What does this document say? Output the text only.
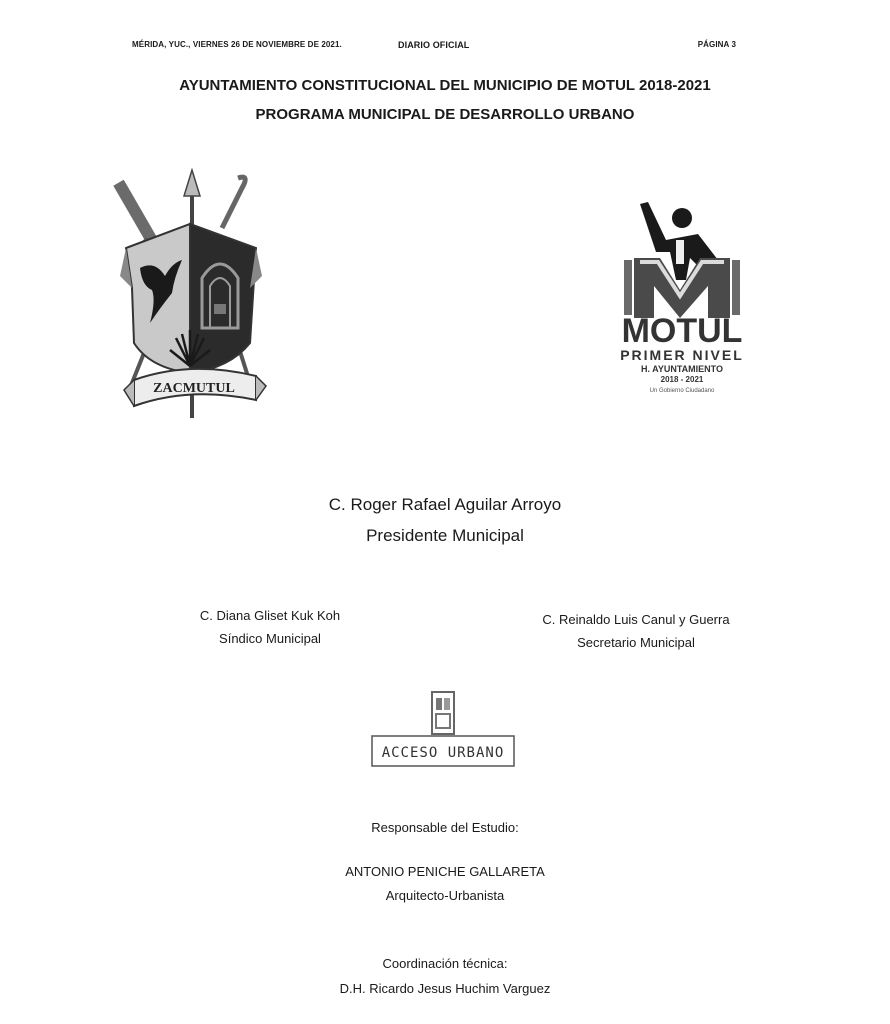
MÉRIDA, YUC., VIERNES 26 DE NOVIEMBRE DE 2021.	DIARIO OFICIAL	PÁGINA 3
AYUNTAMIENTO CONSTITUCIONAL DEL MUNICIPIO DE MOTUL 2018-2021
PROGRAMA MUNICIPAL DE DESARROLLO URBANO
ZACMUTUL
MOTUL
PRIMER NIVEL
H. AYUNTAMIENTO
2018 - 2021
Un Gobierno Ciudadano
C. Roger Rafael Aguilar Arroyo
Presidente Municipal
C. Diana Gliset Kuk Koh
Síndico Municipal
C. Reinaldo Luis Canul y Guerra
Secretario Municipal
ACCESO URBANO
Responsable del Estudio:
ANTONIO PENICHE GALLARETA
Arquitecto-Urbanista
Coordinación técnica:
D.H. Ricardo Jesus Huchim Varguez
